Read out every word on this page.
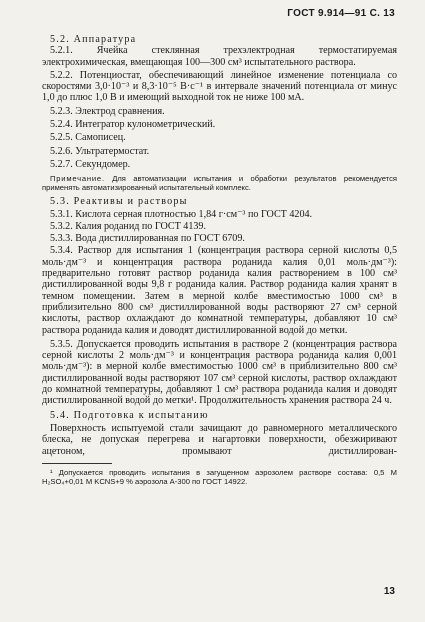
ГОСТ 9.914—91 С. 13

5.2. Аппаратура

5.2.1. Ячейка стеклянная трехэлектродная термостатируемая электрохимическая, вмещающая 100—300 см³ испытательного раствора.

5.2.2. Потенциостат, обеспечивающий линейное изменение потенциала со скоростями 3,0·10⁻³ и 8,3·10⁻⁵ В·с⁻¹ в интервале значений потенциала от минус 1,0 до плюс 1,0 В и имеющий выходной ток не ниже 100 мА.

5.2.3. Электрод сравнения.

5.2.4. Интегратор кулонометрический.

5.2.5. Самописец.

5.2.6. Ультратермостат.

5.2.7. Секундомер.

Примечание. Для автоматизации испытания и обработки результатов рекомендуется применять автоматизированный испытательный комплекс.

5.3. Реактивы и растворы

5.3.1. Кислота серная плотностью 1,84 г·см⁻³ по ГОСТ 4204.

5.3.2. Калия роданид по ГОСТ 4139.

5.3.3. Вода дистиллированная по ГОСТ 6709.

5.3.4. Раствор для испытания 1 (концентрация раствора серной кислоты 0,5 моль·дм⁻³ и концентрация раствора роданида калия 0,01 моль·дм⁻³): предварительно готовят раствор роданида калия растворением в 100 см³ дистиллированной воды 9,8 г роданида калия. Раствор роданида калия хранят в темном помещении. Затем в мерной колбе вместимостью 1000 см³ в приблизительно 800 см³ дистиллированной воды растворяют 27 см³ серной кислоты, раствор охлаждают до комнатной температуры, добавляют 10 см³ раствора роданида калия и доводят дистиллированной водой до метки.

5.3.5. Допускается проводить испытания в растворе 2 (концентрация раствора серной кислоты 2 моль·дм⁻³ и концентрация раствора роданида калия 0,001 моль·дм⁻³): в мерной колбе вместимостью 1000 см³ в приблизительно 800 см³ дистиллированной воды растворяют 107 см³ серной кислоты, раствор охлаждают до комнатной температуры, добавляют 1 см³ раствора роданида калия и доводят дистиллированной водой до метки¹. Продолжительность хранения раствора 24 ч.

5.4. Подготовка к испытанию

Поверхность испытуемой стали зачищают до равномерного металлического блеска, не допуская перегрева и нагартовки поверхности, обезжиривают ацетоном, промывают дистиллирован-

¹ Допускается проводить испытания в загущенном аэрозолем растворе состава: 0,5 М H₂SO₄+0,01 М KCNS+9 % аэрозола А-300 по ГОСТ 14922.
13
